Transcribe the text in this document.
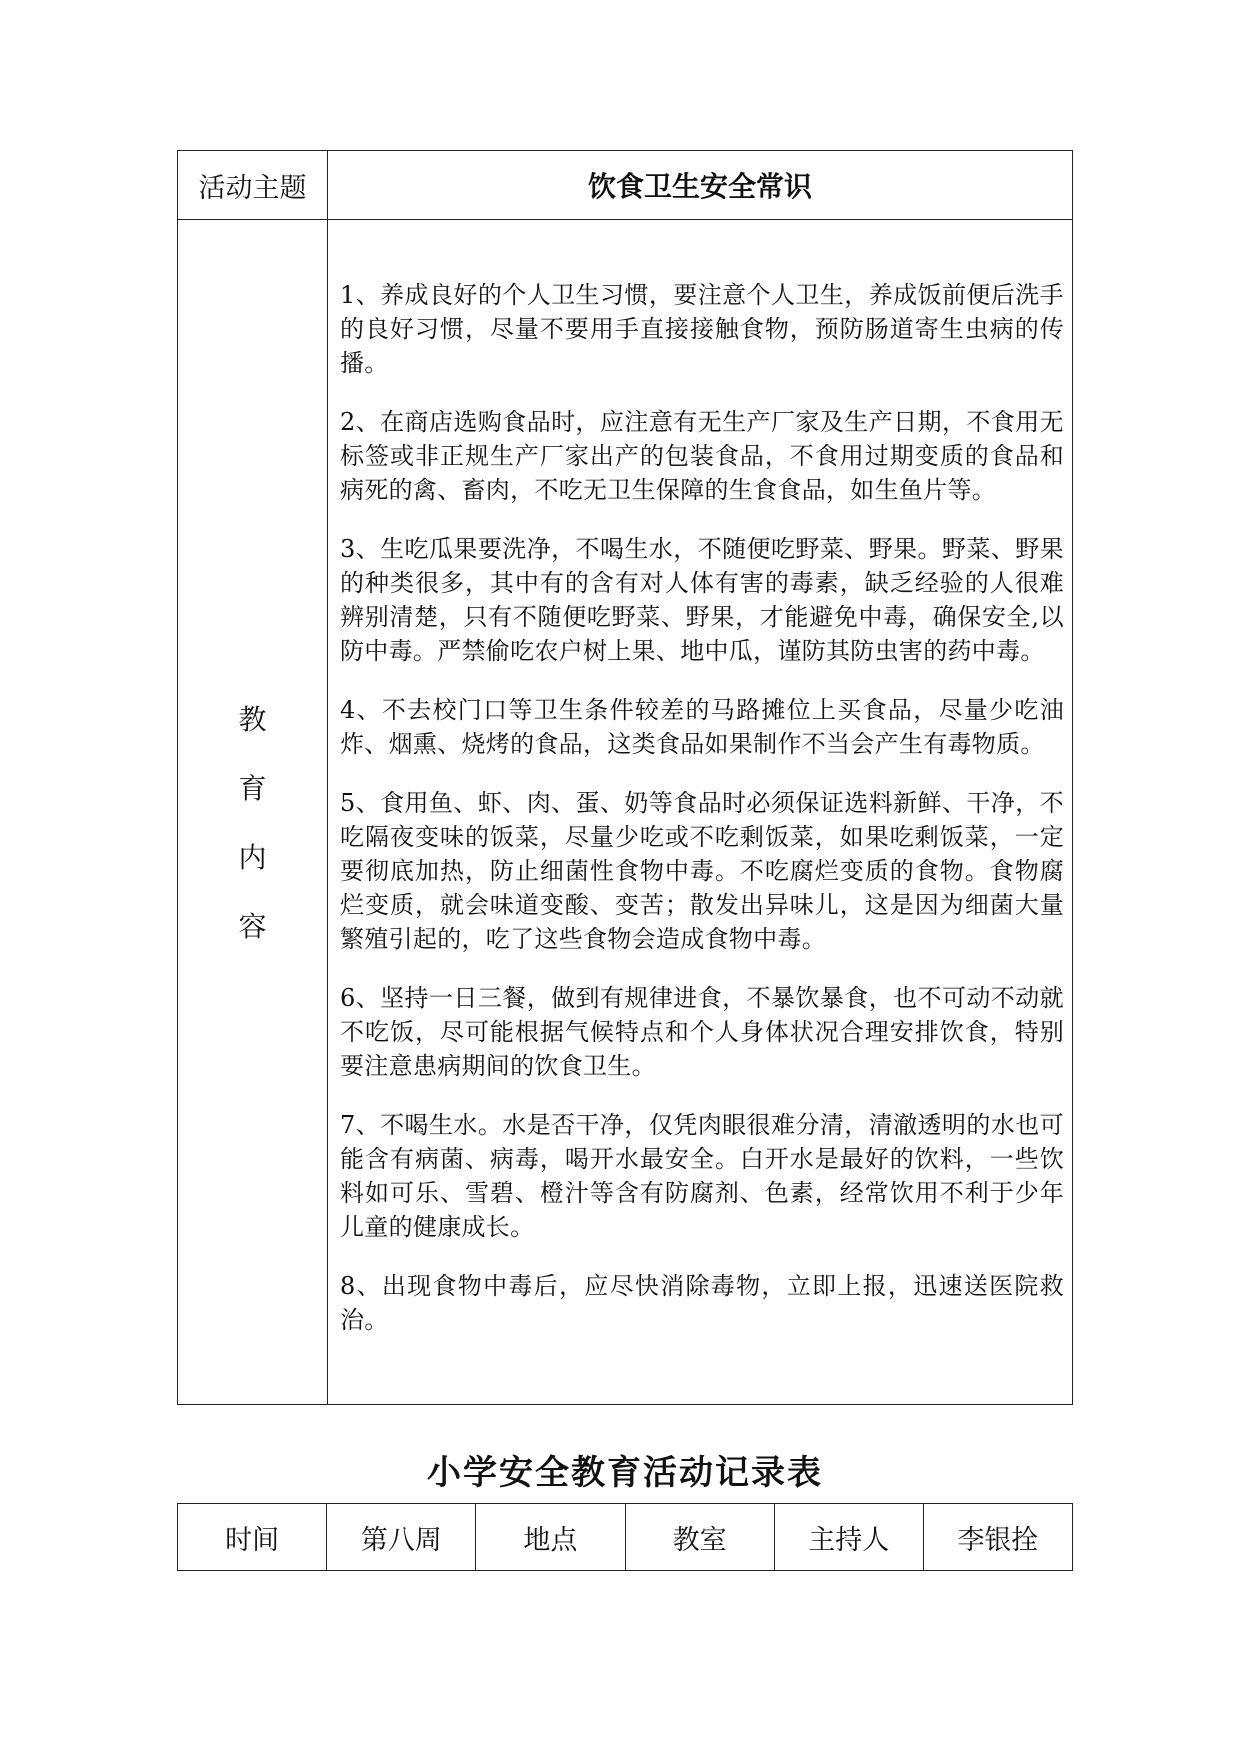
活动主题	饮食卫生安全常识
教
育
内
容

1、养成良好的个人卫生习惯，要注意个人卫生，养成饭前便后洗手的良好习惯，尽量不要用手直接接触食物，预防肠道寄生虫病的传播。

2、在商店选购食品时，应注意有无生产厂家及生产日期，不食用无标签或非正规生产厂家出产的包装食品，不食用过期变质的食品和病死的禽、畜肉，不吃无卫生保障的生食食品，如生鱼片等。

3、生吃瓜果要洗净，不喝生水，不随便吃野菜、野果。野菜、野果的种类很多，其中有的含有对人体有害的毒素，缺乏经验的人很难辨别清楚，只有不随便吃野菜、野果，才能避免中毒，确保安全,以防中毒。严禁偷吃农户树上果、地中瓜，谨防其防虫害的药中毒。

4、不去校门口等卫生条件较差的马路摊位上买食品，尽量少吃油炸、烟熏、烧烤的食品，这类食品如果制作不当会产生有毒物质。

5、食用鱼、虾、肉、蛋、奶等食品时必须保证选料新鲜、干净，不吃隔夜变味的饭菜，尽量少吃或不吃剩饭菜，如果吃剩饭菜，一定要彻底加热，防止细菌性食物中毒。不吃腐烂变质的食物。食物腐烂变质，就会味道变酸、变苦；散发出异味儿，这是因为细菌大量繁殖引起的，吃了这些食物会造成食物中毒。

6、坚持一日三餐，做到有规律进食，不暴饮暴食，也不可动不动就不吃饭，尽可能根据气候特点和个人身体状况合理安排饮食，特别要注意患病期间的饮食卫生。

7、不喝生水。水是否干净，仅凭肉眼很难分清，清澈透明的水也可能含有病菌、病毒，喝开水最安全。白开水是最好的饮料，一些饮料如可乐、雪碧、橙汁等含有防腐剂、色素，经常饮用不利于少年儿童的健康成长。

8、出现食物中毒后，应尽快消除毒物，立即上报，迅速送医院救治。

小学安全教育活动记录表
时间	第八周	地点	教室	主持人	李银拴
